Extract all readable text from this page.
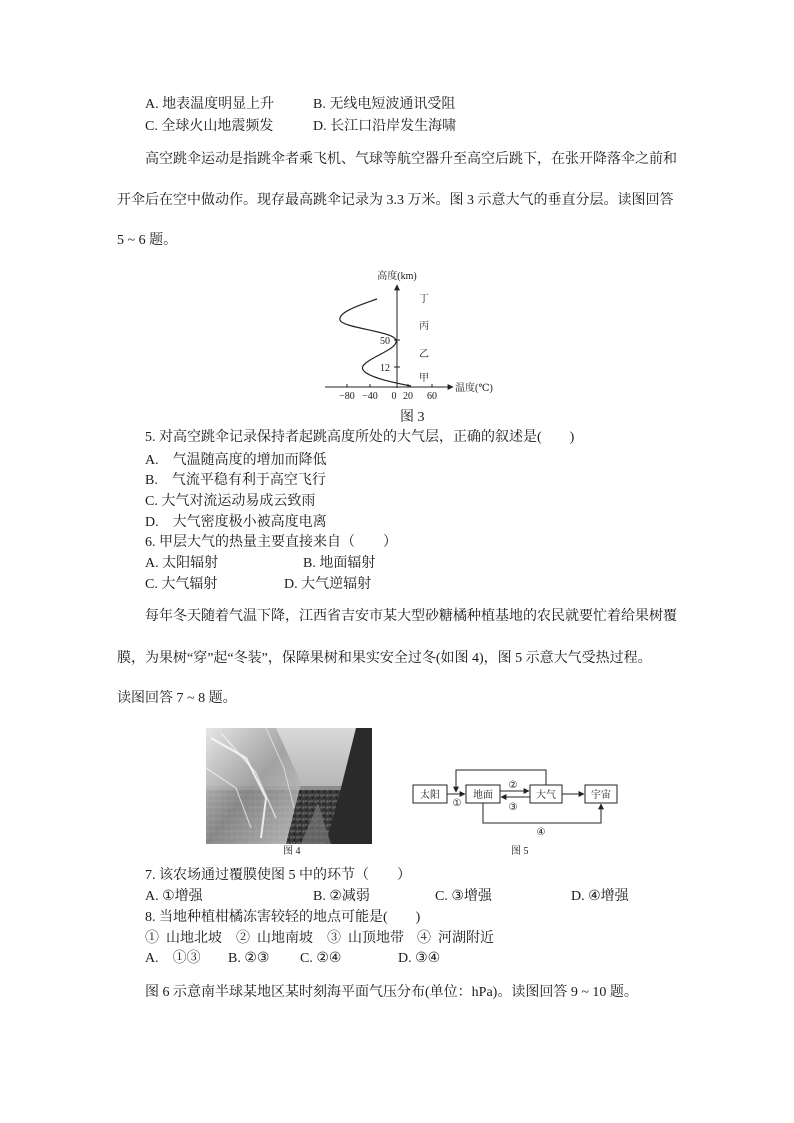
A. 地表温度明显上升	B. 无线电短波通讯受阻
C. 全球火山地震频发	D. 长江口沿岸发生海啸
高空跳伞运动是指跳伞者乘飞机、气球等航空器升至高空后跳下，在张开降落伞之前和
开伞后在空中做动作。现存最高跳伞记录为 3.3 万米。图 3 示意大气的垂直分层。读图回答
5 ~ 6 题。
高度(km)
温度(℃)
−80 −40 0 20 60
50
12
丁
丙
乙
甲
图 3
5. 对高空跳伞记录保持者起跳高度所处的大气层，正确的叙述是(　　)
A.　气温随高度的增加而降低
B.　气流平稳有利于高空飞行
C. 大气对流运动易成云致雨
D.　大气密度极小被高度电离
6. 甲层大气的热量主要直接来自（　　）
A. 太阳辐射	B. 地面辐射
C. 大气辐射	D. 大气逆辐射
每年冬天随着气温下降，江西省吉安市某大型砂糖橘种植基地的农民就要忙着给果树覆
膜，为果树“穿”起“冬装”，保障果树和果实安全过冬(如图 4)，图 5 示意大气受热过程。
读图回答 7 ~ 8 题。
图 4
太阳	地面	大气	宇宙
①
②
③
④
图 5
7. 该农场通过覆膜使图 5 中的环节（　　）
A. ①增强	B. ②减弱	C. ③增强	D. ④增强
8. 当地种植柑橘冻害较轻的地点可能是(　　)
①  山地北坡 ②  山地南坡 ③  山顶地带 ④  河湖附近
A.　①③ B. ②③ C. ②④	D. ③④
图 6 示意南半球某地区某时刻海平面气压分布(单位：hPa)。读图回答 9 ~ 10 题。
